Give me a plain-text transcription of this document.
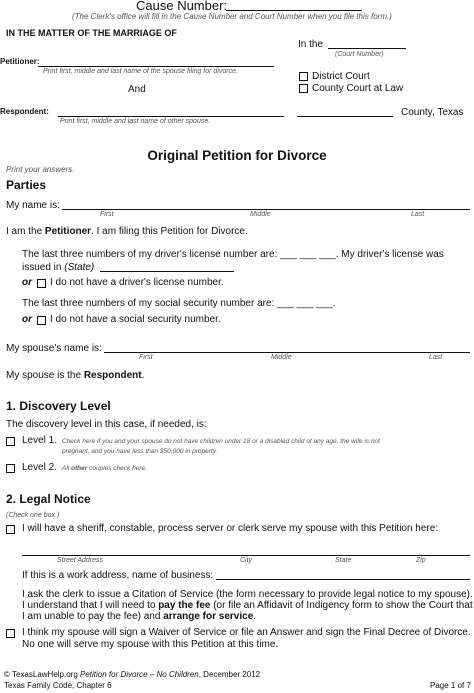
Cause Number:
(The Clerk's office will fill in the Cause Number and Court Number when you file this form.)
IN THE MATTER OF THE MARRIAGE OF
In the
(Court Number)
Petitioner:
Print first, middle and last name of the spouse filing for divorce.	District Court
County Court at Law
And
Respondent:
Print first, middle and last name of other spouse.
County, Texas
Original Petition for Divorce
Print your answers.
Parties
My name is:
First	Middle	Last
I am the Petitioner. I am filing this Petition for Divorce.
The last three numbers of my driver's license number are: ___ ___ ___. My driver's license was
issued in (State)
or I do not have a driver's license number.
The last three numbers of my social security number are: ___ ___ ___.
or I do not have a social security number.
My spouse's name is:
First	Middle	Last
My spouse is the Respondent.
1. Discovery Level
The discovery level in this case, if needed, is:
Level 1. Check here if you and your spouse do not have children under 18 or a disabled child of any age, the wife is not
pregnant, and you have less than $50,000 in property.
Level 2. All other couples check here.
2. Legal Notice
(Check one box.)
I will have a sheriff, constable, process server or clerk serve my spouse with this Petition here:
Street Address	City	State	Zip
If this is a work address, name of business:
I ask the clerk to issue a Citation of Service (the form necessary to provide legal notice to my spouse).
I understand that I will need to pay the fee (or file an Affidavit of Indigency form to show the Court that
I am unable to pay the fee) and arrange for service.
I think my spouse will sign a Waiver of Service or file an Answer and sign the Final Decree of Divorce.
No one will serve my spouse with this Petition at this time.
© TexasLawHelp.org Petition for Divorce – No Children, December 2012
Texas Family Code, Chapter 6	Page 1 of 7
